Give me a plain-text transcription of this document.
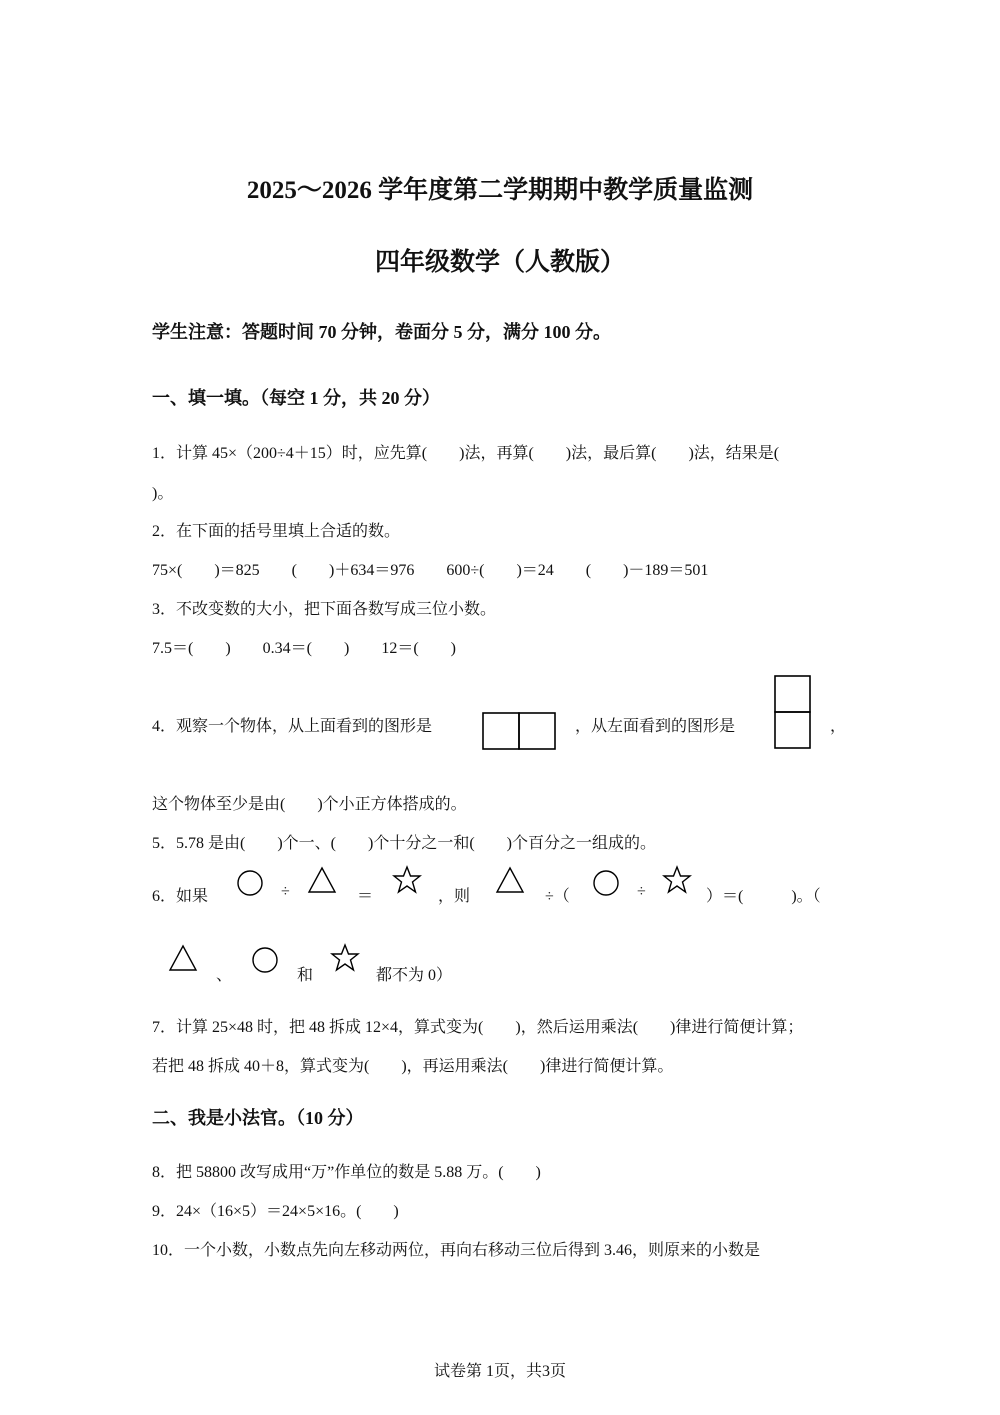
2025～2026 学年度第二学期期中教学质量监测
四年级数学（人教版）
学生注意：答题时间 70 分钟，卷面分 5 分，满分 100 分。
一、填一填。（每空 1 分，共 20 分）
1．计算 45×（200÷4＋15）时，应先算(　　)法，再算(　　)法，最后算(　　)法，结果是(
)。
2．在下面的括号里填上合适的数。
75×(　　)＝825　　(　　)＋634＝976　　600÷(　　)＝24　　(　　)－189＝501
3．不改变数的大小，把下面各数写成三位小数。
7.5＝(　　)　　0.34＝(　　)　　12＝(　　)
4．观察一个物体，从上面看到的图形是	，从左面看到的图形是	，
这个物体至少是由(　　)个小正方体搭成的。
5．5.78 是由(　　)个一、(　　)个十分之一和(　　)个百分之一组成的。
6．如果	÷	＝	，则	÷（	÷	）＝(　　　)。（
、	和	都不为 0）
7．计算 25×48 时，把 48 拆成 12×4，算式变为(　　)，然后运用乘法(　　)律进行简便计算；
若把 48 拆成 40＋8，算式变为(　　)，再运用乘法(　　)律进行简便计算。
二、我是小法官。（10 分）
8．把 58800 改写成用“万”作单位的数是 5.88 万。(　　)
9．24×（16×5）＝24×5×16。(　　)
10．一个小数，小数点先向左移动两位，再向右移动三位后得到 3.46，则原来的小数是
试卷第 1页，共3页
